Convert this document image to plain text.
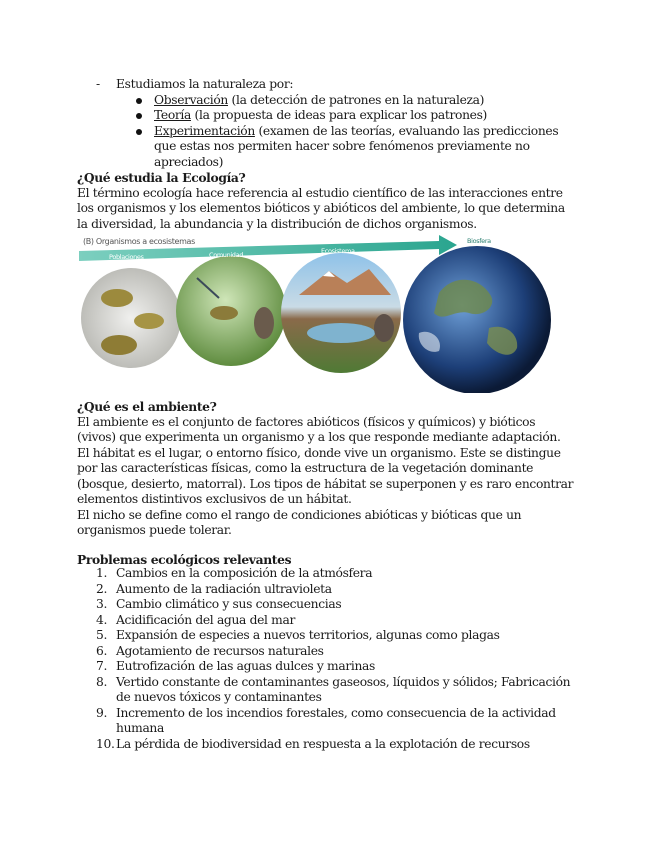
- Estudiamos la naturaleza por:
Observación (la detección de patrones en la naturaleza)
Teoría (la propuesta de ideas para explicar los patrones)
Experimentación (examen de las teorías, evaluando las predicciones que estas nos permiten hacer sobre fenómenos previamente no apreciados)
¿Qué estudia la Ecología?
El término ecología hace referencia al estudio científico de las interacciones entre los organismos y los elementos bióticos y abióticos del ambiente, lo que determina la diversidad, la abundancia y la distribución de dichos organismos.
(B) Organismos a ecosistemas
Poblaciones	Comunidad	Ecosistema
Biosfera
¿Qué es el ambiente?
El ambiente es el conjunto de factores abióticos (físicos y químicos) y bióticos (vivos) que experimenta un organismo y a los que responde mediante adaptación.
El hábitat es el lugar, o entorno físico, donde vive un organismo. Este se distingue por las características físicas, como la estructura de la vegetación dominante (bosque, desierto, matorral). Los tipos de hábitat se superponen y es raro encontrar elementos distintivos exclusivos de un hábitat.
El nicho se define como el rango de condiciones abióticas y bióticas que un organismos puede tolerar.
Problemas ecológicos relevantes
1. Cambios en la composición de la atmósfera
2. Aumento de la radiación ultravioleta
3. Cambio climático y sus consecuencias
4. Acidificación del agua del mar
5. Expansión de especies a nuevos territorios, algunas como plagas
6. Agotamiento de recursos naturales
7. Eutrofización de las aguas dulces y marinas
8. Vertido constante de contaminantes gaseosos, líquidos y sólidos; Fabricación de nuevos tóxicos y contaminantes
9. Incremento de los incendios forestales, como consecuencia de la actividad humana
10. La pérdida de biodiversidad en respuesta a la explotación de recursos
